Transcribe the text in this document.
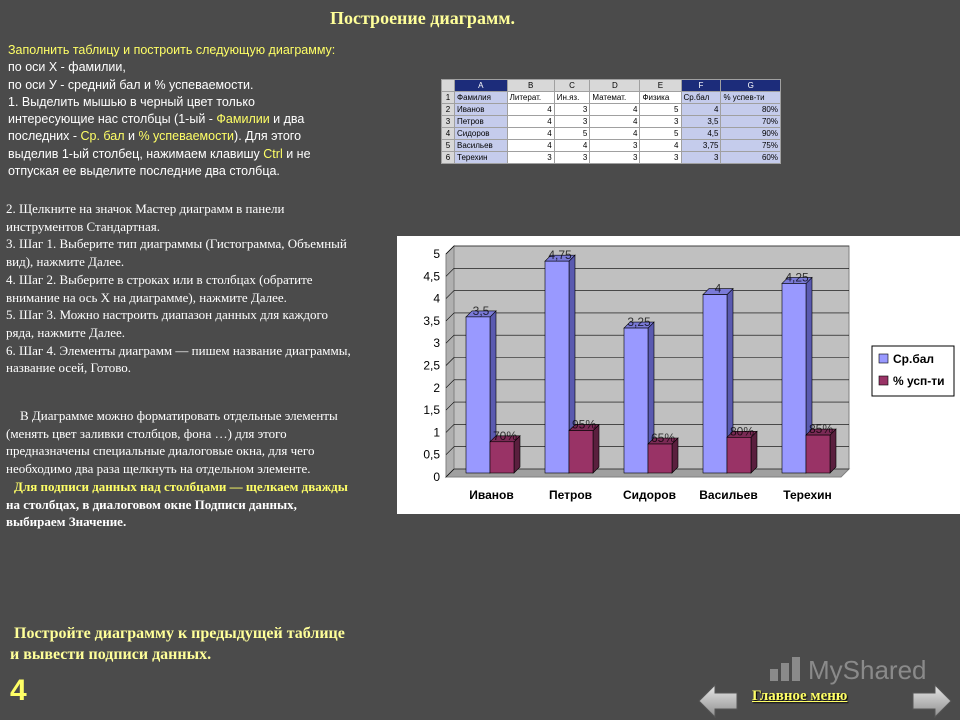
Построение диаграмм.
Заполнить таблицу и построить следующую диаграмму:
по оси Х - фамилии,
по оси У - средний бал и % успеваемости.
1. Выделить мышью в черный цвет только
интересующие нас столбцы (1-ый - Фамилии и два
последних - Ср. бал и % успеваемости). Для этого
выделив 1-ый столбец, нажимаем клавишу Ctrl и не
отпуская ее выделите последние два столбца.
	A	B	C	D	E	F	G
1	Фамилия	Литерат.	Ин.яз.	Математ.	Физика	Ср.бал	% успев-ти
2	Иванов	4	3	4	5	4	80%
3	Петров	4	3	4	3	3,5	70%
4	Сидоров	4	5	4	5	4,5	90%
5	Васильев	4	4	3	4	3,75	75%
6	Терехин	3	3	3	3	3	60%
2. Щелкните на значок Мастер диаграмм в панели
инструментов Стандартная.
3. Шаг 1. Выберите тип диаграммы (Гистограмма, Объемный
вид), нажмите Далее.
4. Шаг 2. Выберите в строках или в столбцах (обратите
внимание на ось Х на диаграмме), нажмите Далее.
5. Шаг 3. Можно настроить диапазон данных для каждого
ряда, нажмите Далее.
6. Шаг 4. Элементы диаграмм — пишем название диаграммы,
название осей, Готово.
0
0,5
1
1,5
2
2,5
3
3,5
4
4,5
5
3,5
70%
Иванов
4,75
95%
Петров
3,25
65%
Сидоров
4
80%
Васильев
4,25
85%
Терехин
Ср.бал
% усп-ти
В Диаграмме можно форматировать отдельные элементы
(менять цвет заливки столбцов, фона …) для этого
предназначены специальные диалоговые окна, для чего
необходимо два раза щелкнуть на отдельном элементе.
Для подписи данных над столбцами — щелкаем дважды
на столбцах, в диалоговом окне Подписи данных,
выбираем Значение.
Постройте диаграмму к предыдущей таблице
и вывести подписи данных.
4
MyShared
Главное меню
